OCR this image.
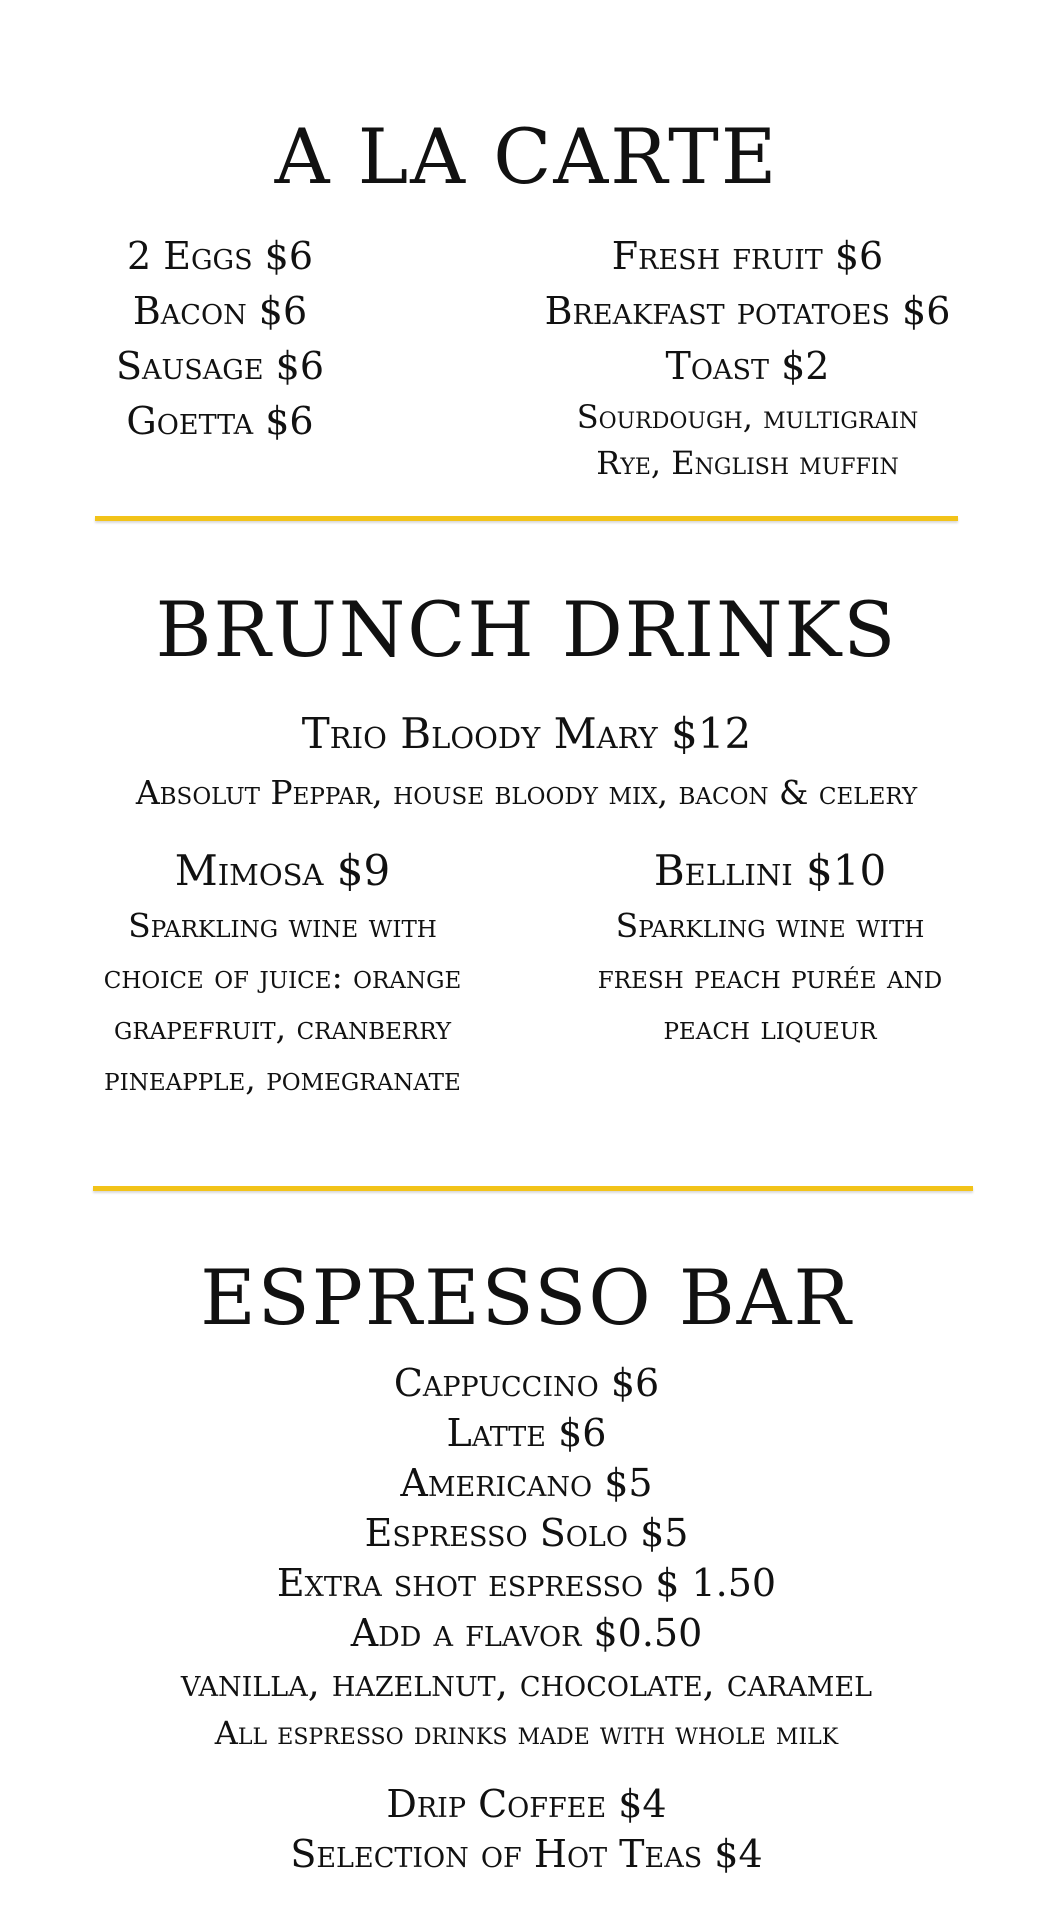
A LA CARTE
2 Eggs $6
Bacon $6
Sausage $6
Goetta $6
Fresh fruit $6
Breakfast potatoes $6
Toast $2
Sourdough, multigrain
Rye, English muffin
BRUNCH DRINKS
Trio Bloody Mary $12
Absolut Peppar, house bloody mix, bacon & celery
Mimosa $9
Sparkling wine with
choice of juice: orange
grapefruit, cranberry
pineapple, pomegranate
Bellini $10
Sparkling wine with
fresh peach purée and
peach liqueur
ESPRESSO BAR
Cappuccino $6
Latte $6
Americano $5
Espresso Solo $5
Extra shot espresso $ 1.50
Add a flavor $0.50
vanilla, hazelnut, chocolate, caramel
All espresso drinks made with whole milk
Drip Coffee $4
Selection of Hot Teas $4
